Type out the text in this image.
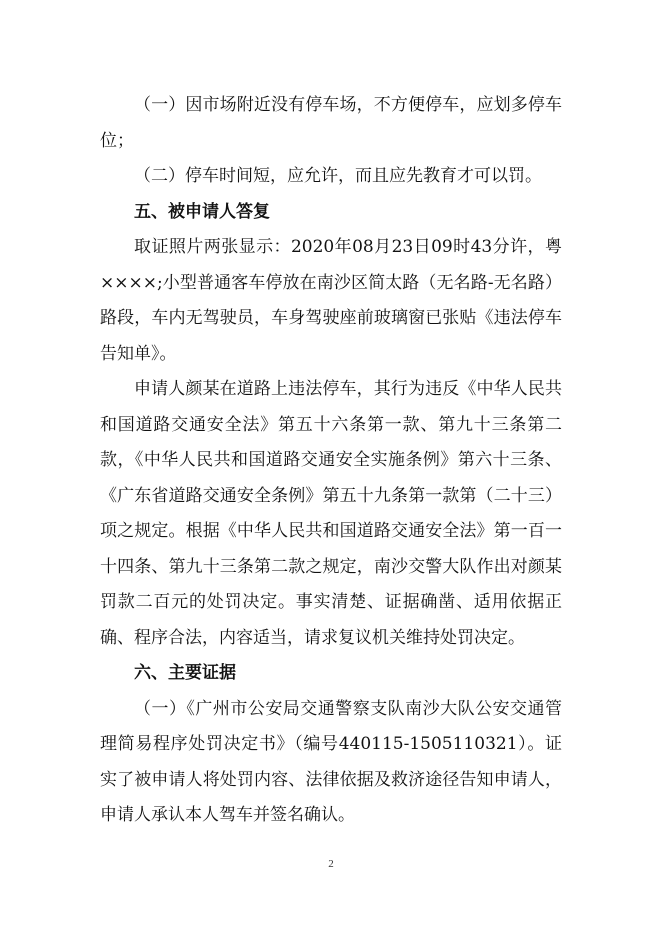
（一）因市场附近没有停车场，不方便停车，应划多停车位；

（二）停车时间短，应允许，而且应先教育才可以罚。

五、被申请人答复

取证照片两张显示：2020年08月23日09时43分许，粤××××;小型普通客车停放在南沙区简太路（无名路-无名路）路段，车内无驾驶员，车身驾驶座前玻璃窗已张贴《违法停车告知单》。

申请人颜某在道路上违法停车，其行为违反《中华人民共和国道路交通安全法》第五十六条第一款、第九十三条第二款，《中华人民共和国道路交通安全实施条例》第六十三条、《广东省道路交通安全条例》第五十九条第一款第（二十三）项之规定。根据《中华人民共和国道路交通安全法》第一百一十四条、第九十三条第二款之规定，南沙交警大队作出对颜某罚款二百元的处罚决定。事实清楚、证据确凿、适用依据正确、程序合法，内容适当，请求复议机关维持处罚决定。

六、主要证据

（一）《广州市公安局交通警察支队南沙大队公安交通管理简易程序处罚决定书》（编号440115-1505110321）。证实了被申请人将处罚内容、法律依据及救济途径告知申请人，申请人承认本人驾车并签名确认。

2
